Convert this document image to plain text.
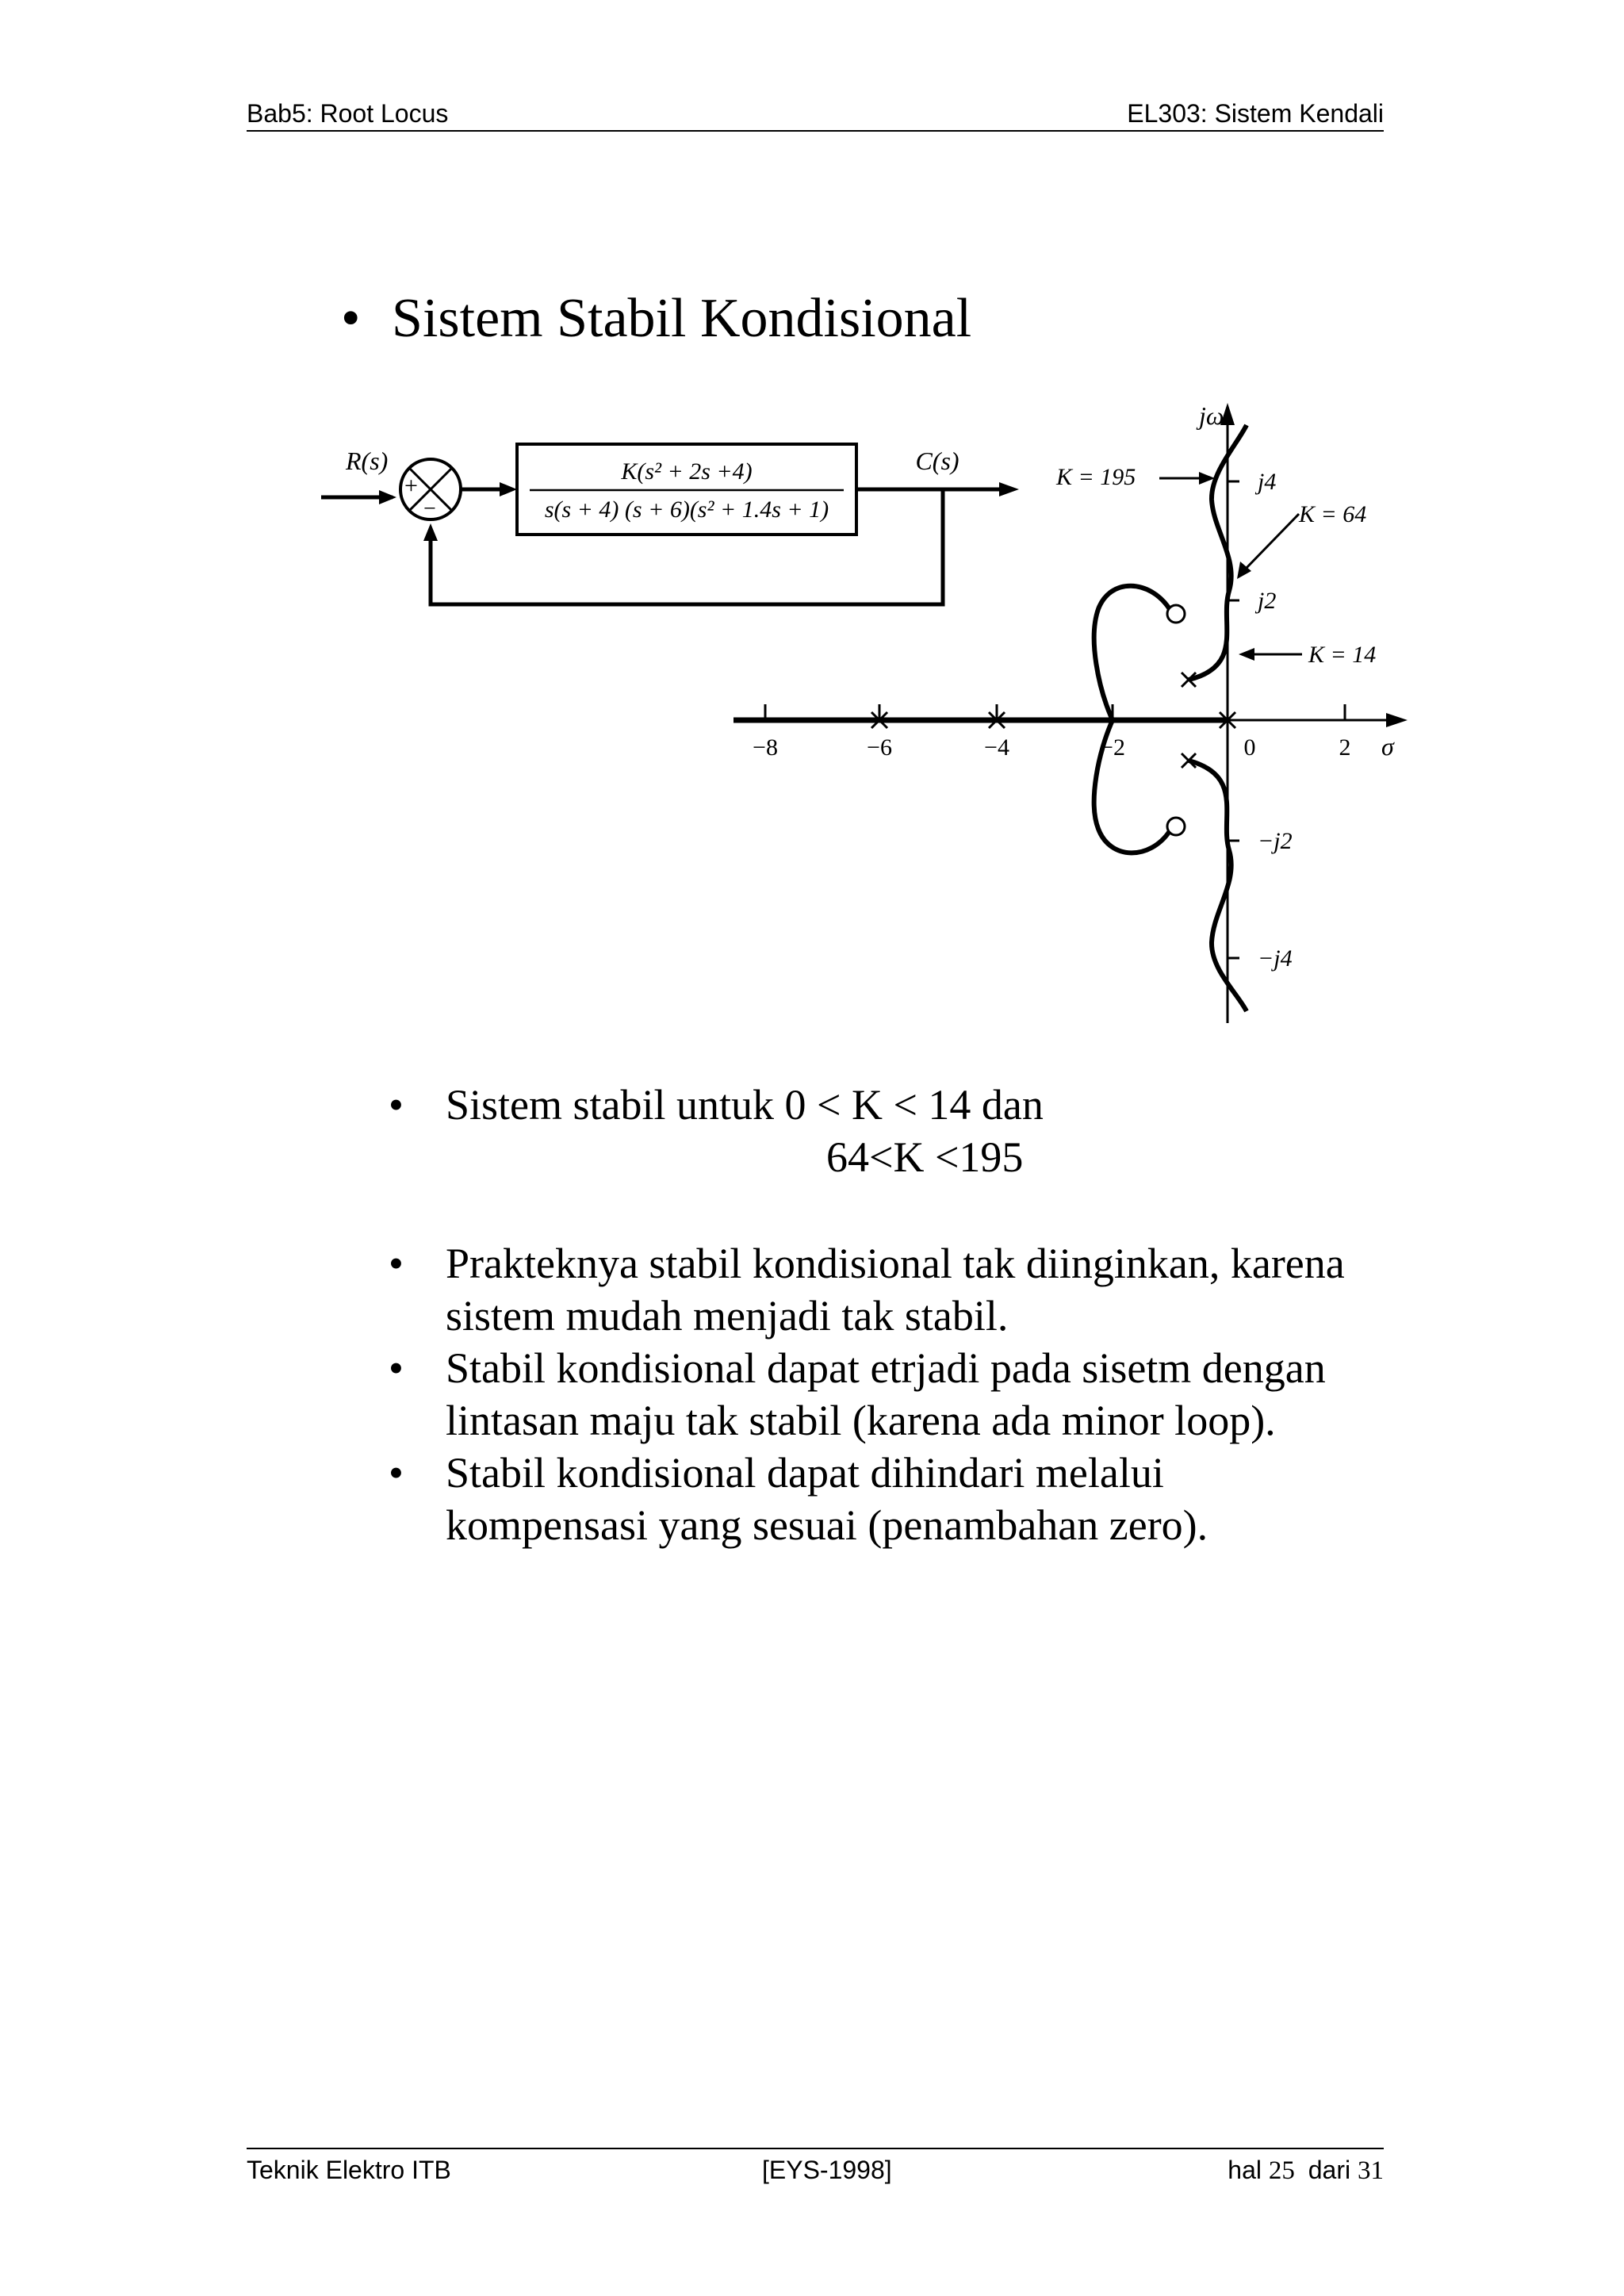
Bab5: Root Locus	EL303: Sistem Kendali
• Sistem Stabil Kondisional
R(s)
+
−
K(s² + 2s +4)
s(s + 4) (s + 6)(s² + 1.4s + 1)
C(s)
jω
σ
−8	−6	−4	−2	0	2
j4
j2
−j2
−j4
K = 195
K = 64
K = 14
• Sistem stabil untuk 0 < K < 14 dan
64<K <195
• Prakteknya stabil kondisional tak diinginkan, karena
sistem mudah menjadi tak stabil.
• Stabil kondisional dapat etrjadi pada sisetm dengan
lintasan maju tak stabil (karena ada minor loop).
• Stabil kondisional dapat dihindari melalui
kompensasi yang sesuai (penambahan zero).
Teknik Elektro ITB	[EYS-1998]	hal 25 dari 31
